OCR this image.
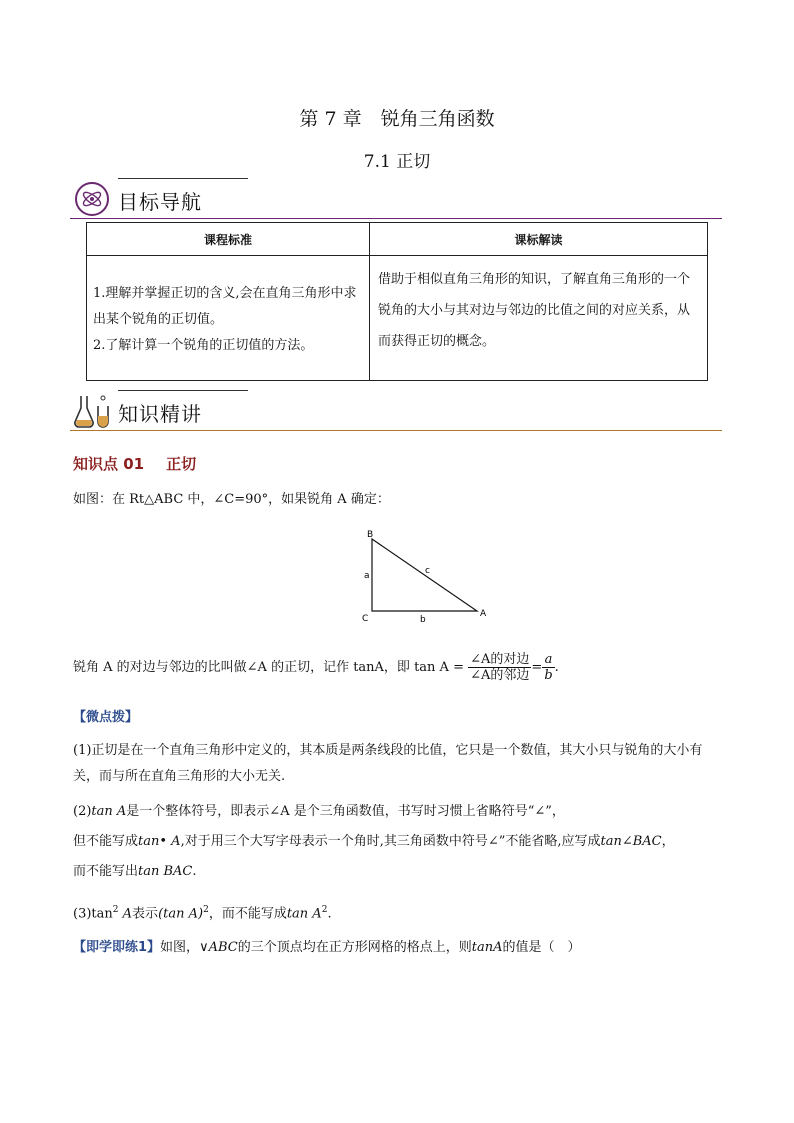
第 7 章　锐角三角函数
7.1 正切
目标导航
课程标准	课标解读

1.理解并掌握正切的含义,会在直角三角形中求出某个锐角的正切值。
2.了解计算一个锐角的正切值的方法。	借助于相似直角三角形的知识，了解直角三角形的一个锐角的大小与其对边与邻边的比值之间的对应关系，从而获得正切的概念。
知识精讲
知识点 01 正切
如图：在 Rt△ABC 中，∠C=90°，如果锐角 A 确定：
B
C	A
a
b
c
锐角 A 的对边与邻边的比叫做∠A 的正切，记作 tanA，即 $\tan A = \frac{\text{∠A的对边}}{\text{∠A的邻边}} = \frac{a}{b}$ .
【微点拨】
(1)正切是在一个直角三角形中定义的，其本质是两条线段的比值，它只是一个数值，其大小只与锐角的大小有关，而与所在直角三角形的大小无关.
(2)tan A是一个整体符号，即表示∠A 是个三角函数值，书写时习惯上省略符号“∠”，
但不能写成tan• A,对于用三个大写字母表示一个角时,其三角函数中符号∠”不能省略,应写成tan∠BAC，
而不能写出tan BAC.
$(3)\tan^2$ A表示(tan A)$^2$，而不能写成$\tan A^2$.
【即学即练1】如图，∨ABC的三个顶点均在正方形网格的格点上，则tanA的值是（　）
